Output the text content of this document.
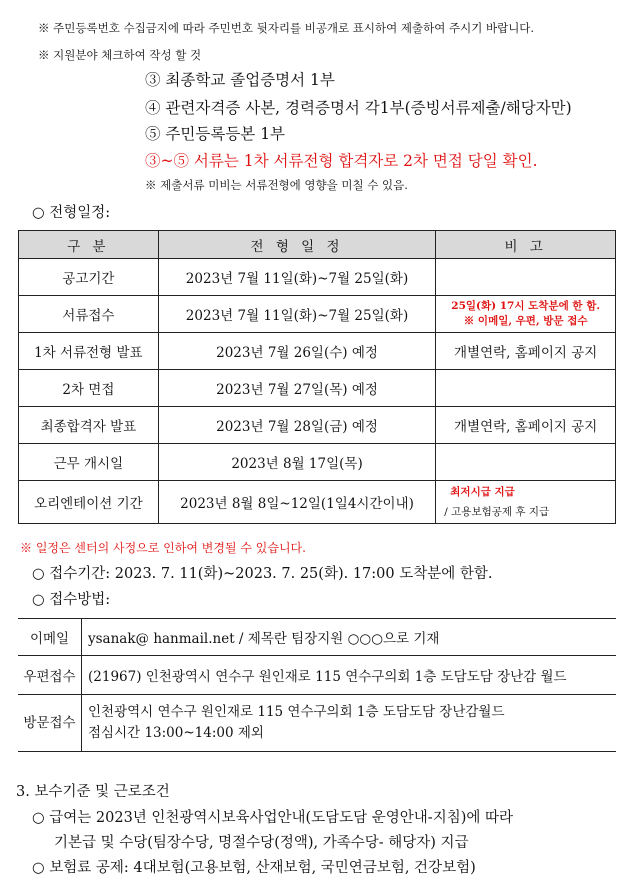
※ 주민등록번호 수집금지에 따라 주민번호 뒷자리를 비공개로 표시하여 제출하여 주시기 바랍니다.
※ 지원분야 체크하여 작성 할 것
③ 최종학교 졸업증명서 1부
④ 관련자격증 사본, 경력증명서 각1부(증빙서류제출/해당자만)
⑤ 주민등록등본 1부
③~⑤ 서류는 1차 서류전형 합격자로 2차 면접 당일 확인.
※ 제출서류 미비는 서류전형에 영향을 미칠 수 있음.
○ 전형일정:
구 분	전 형 일 정	비 고
공고기간	2023년 7월 11일(화)~7월 25일(화)	
서류접수	2023년 7월 11일(화)~7월 25일(화)	25일(화) 17시 도착분에 한 함.
※ 이메일, 우편, 방문 접수

1차 서류전형 발표	2023년 7월 26일(수) 예정	개별연락, 홈페이지 공지
2차 면접	2023년 7월 27일(목) 예정	
최종합격자 발표	2023년 7월 28일(금) 예정	개별연락, 홈페이지 공지
근무 개시일	2023년 8월 17일(목)	
오리엔테이션 기간	2023년 8월 8일~12일(1일4시간이내)	최저시급 지급
/ 고용보험공제 후 지급
※ 일정은 센터의 사정으로 인하여 변경될 수 있습니다.
○ 접수기간: 2023. 7. 11(화)~2023. 7. 25(화). 17:00 도착분에 한함.
○ 접수방법:
이메일	ysanak@ hanmail.net / 제목란 팀장지원 ○○○으로 기재
우편접수	(21967) 인천광역시 연수구 원인재로 115 연수구의회 1층 도담도담 장난감 월드
방문접수	인천광역시 연수구 원인재로 115 연수구의회 1층 도담도담 장난감월드
점심시간 13:00~14:00 제외
3. 보수기준 및 근로조건
○ 급여는 2023년 인천광역시보육사업안내(도담도담 운영안내-지침)에 따라
기본급 및 수당(팀장수당, 명절수당(정액), 가족수당- 해당자) 지급
○ 보험료 공제: 4대보험(고용보험, 산재보험, 국민연금보험, 건강보험)
